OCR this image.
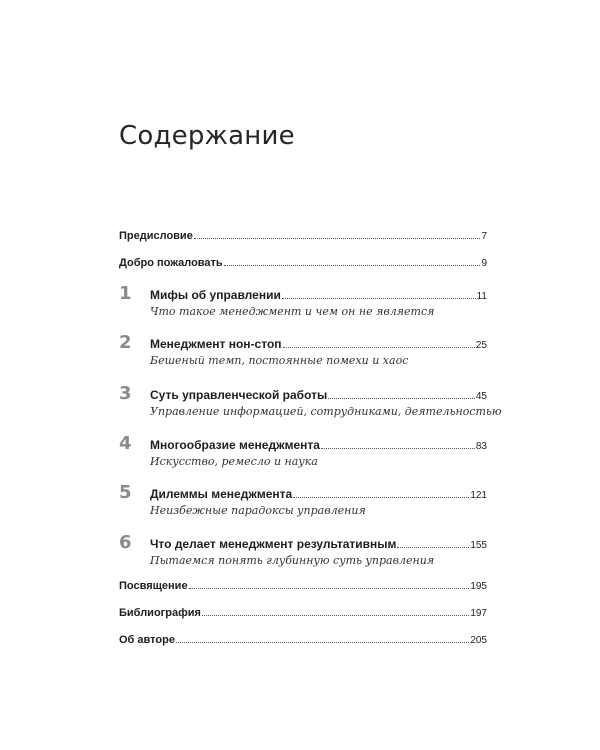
Содержание
Предисловие	7
Добро пожаловать	9
1	Мифы об управлении	11
Что такое менеджмент и чем он не является
2	Менеджмент нон-стоп	25
Бешеный темп, постоянные помехи и хаос
3	Суть управленческой работы	45
Управление информацией, сотрудниками, деятельностью
4	Многообразие менеджмента	83
Искусство, ремесло и наука
5	Дилеммы менеджмента	121
Неизбежные парадоксы управления
6	Что делает менеджмент результативным	155
Пытаемся понять глубинную суть управления
Посвящение	195
Библиография	197
Об авторе	205
